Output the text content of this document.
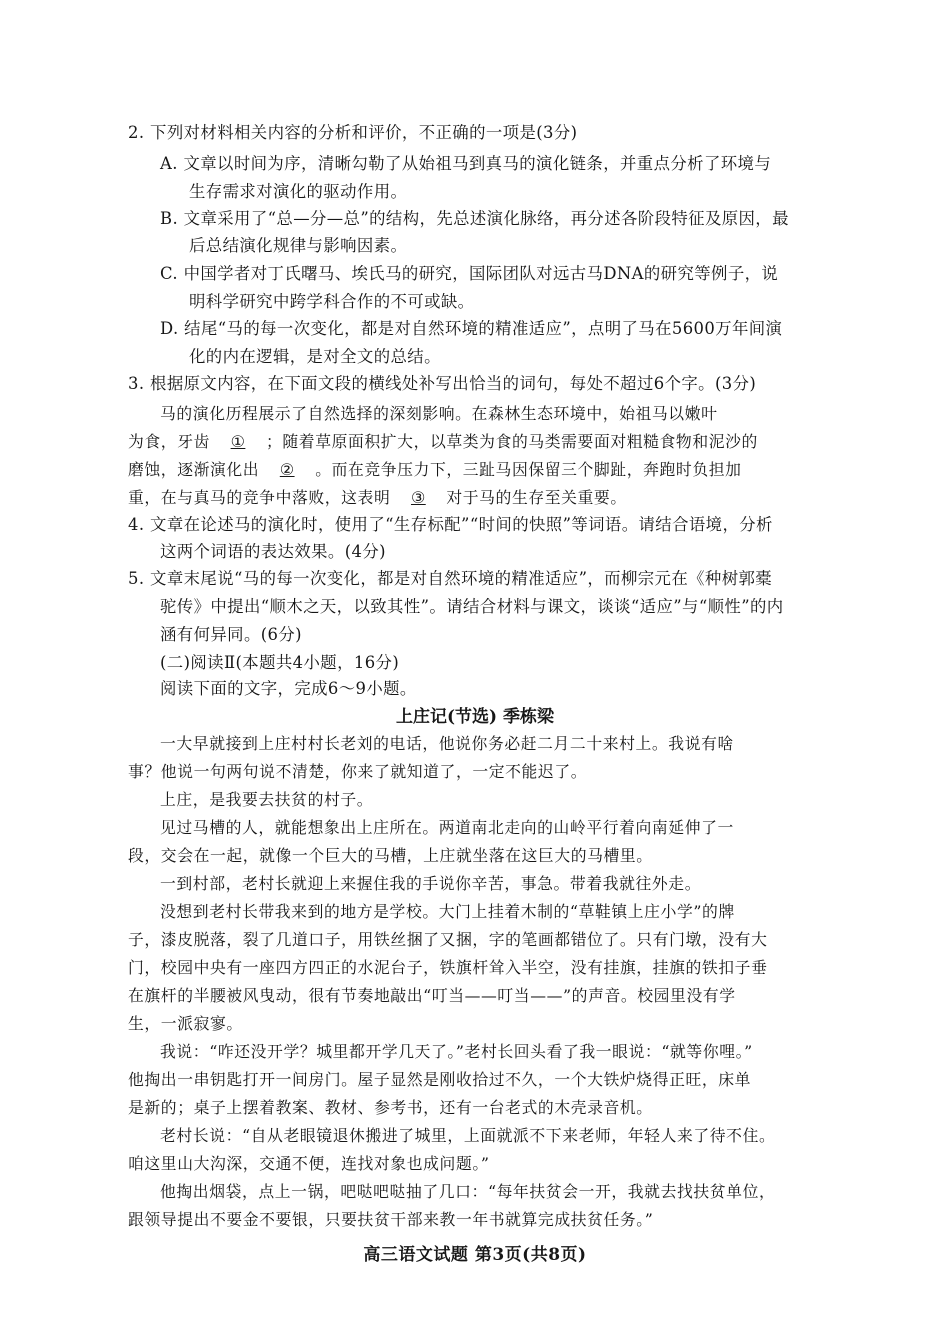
2. 下列对材料相关内容的分析和评价，不正确的一项是(3分)
A. 文章以时间为序，清晰勾勒了从始祖马到真马的演化链条，并重点分析了环境与
生存需求对演化的驱动作用。
B. 文章采用了“总—分—总”的结构，先总述演化脉络，再分述各阶段特征及原因，最
后总结演化规律与影响因素。
C. 中国学者对丁氏曙马、埃氏马的研究，国际团队对远古马DNA的研究等例子，说
明科学研究中跨学科合作的不可或缺。
D. 结尾“马的每一次变化，都是对自然环境的精准适应”，点明了马在5600万年间演
化的内在逻辑，是对全文的总结。
3. 根据原文内容，在下面文段的横线处补写出恰当的词句，每处不超过6个字。(3分)
马的演化历程展示了自然选择的深刻影响。在森林生态环境中，始祖马以嫩叶
为食，牙齿 ① ；随着草原面积扩大，以草类为食的马类需要面对粗糙食物和泥沙的
磨蚀，逐渐演化出 ② 。而在竞争压力下，三趾马因保留三个脚趾，奔跑时负担加
重，在与真马的竞争中落败，这表明 ③ 对于马的生存至关重要。
4. 文章在论述马的演化时，使用了“生存标配”“时间的快照”等词语。请结合语境，分析
这两个词语的表达效果。(4分)
5. 文章末尾说“马的每一次变化，都是对自然环境的精准适应”，而柳宗元在《种树郭橐
驼传》中提出“顺木之天，以致其性”。请结合材料与课文，谈谈“适应”与“顺性”的内
涵有何异同。(6分)
(二)阅读Ⅱ(本题共4小题，16分)
阅读下面的文字，完成6～9小题。
上庄记(节选) 季栋梁
一大早就接到上庄村村长老刘的电话，他说你务必赶二月二十来村上。我说有啥
事？他说一句两句说不清楚，你来了就知道了，一定不能迟了。
上庄，是我要去扶贫的村子。
见过马槽的人，就能想象出上庄所在。两道南北走向的山岭平行着向南延伸了一
段，交会在一起，就像一个巨大的马槽，上庄就坐落在这巨大的马槽里。
一到村部，老村长就迎上来握住我的手说你辛苦，事急。带着我就往外走。
没想到老村长带我来到的地方是学校。大门上挂着木制的“草鞋镇上庄小学”的牌
子，漆皮脱落，裂了几道口子，用铁丝捆了又捆，字的笔画都错位了。只有门墩，没有大
门，校园中央有一座四方四正的水泥台子，铁旗杆耸入半空，没有挂旗，挂旗的铁扣子垂
在旗杆的半腰被风曳动，很有节奏地敲出“叮当——叮当——”的声音。校园里没有学
生，一派寂寥。
我说：“咋还没开学？城里都开学几天了。”老村长回头看了我一眼说：“就等你哩。”
他掏出一串钥匙打开一间房门。屋子显然是刚收拾过不久，一个大铁炉烧得正旺，床单
是新的；桌子上摆着教案、教材、参考书，还有一台老式的木壳录音机。
老村长说：“自从老眼镜退休搬进了城里，上面就派不下来老师，年轻人来了待不住。
咱这里山大沟深，交通不便，连找对象也成问题。”
他掏出烟袋，点上一锅，吧哒吧哒抽了几口：“每年扶贫会一开，我就去找扶贫单位，
跟领导提出不要金不要银，只要扶贫干部来教一年书就算完成扶贫任务。”
高三语文试题 第3页(共8页)
